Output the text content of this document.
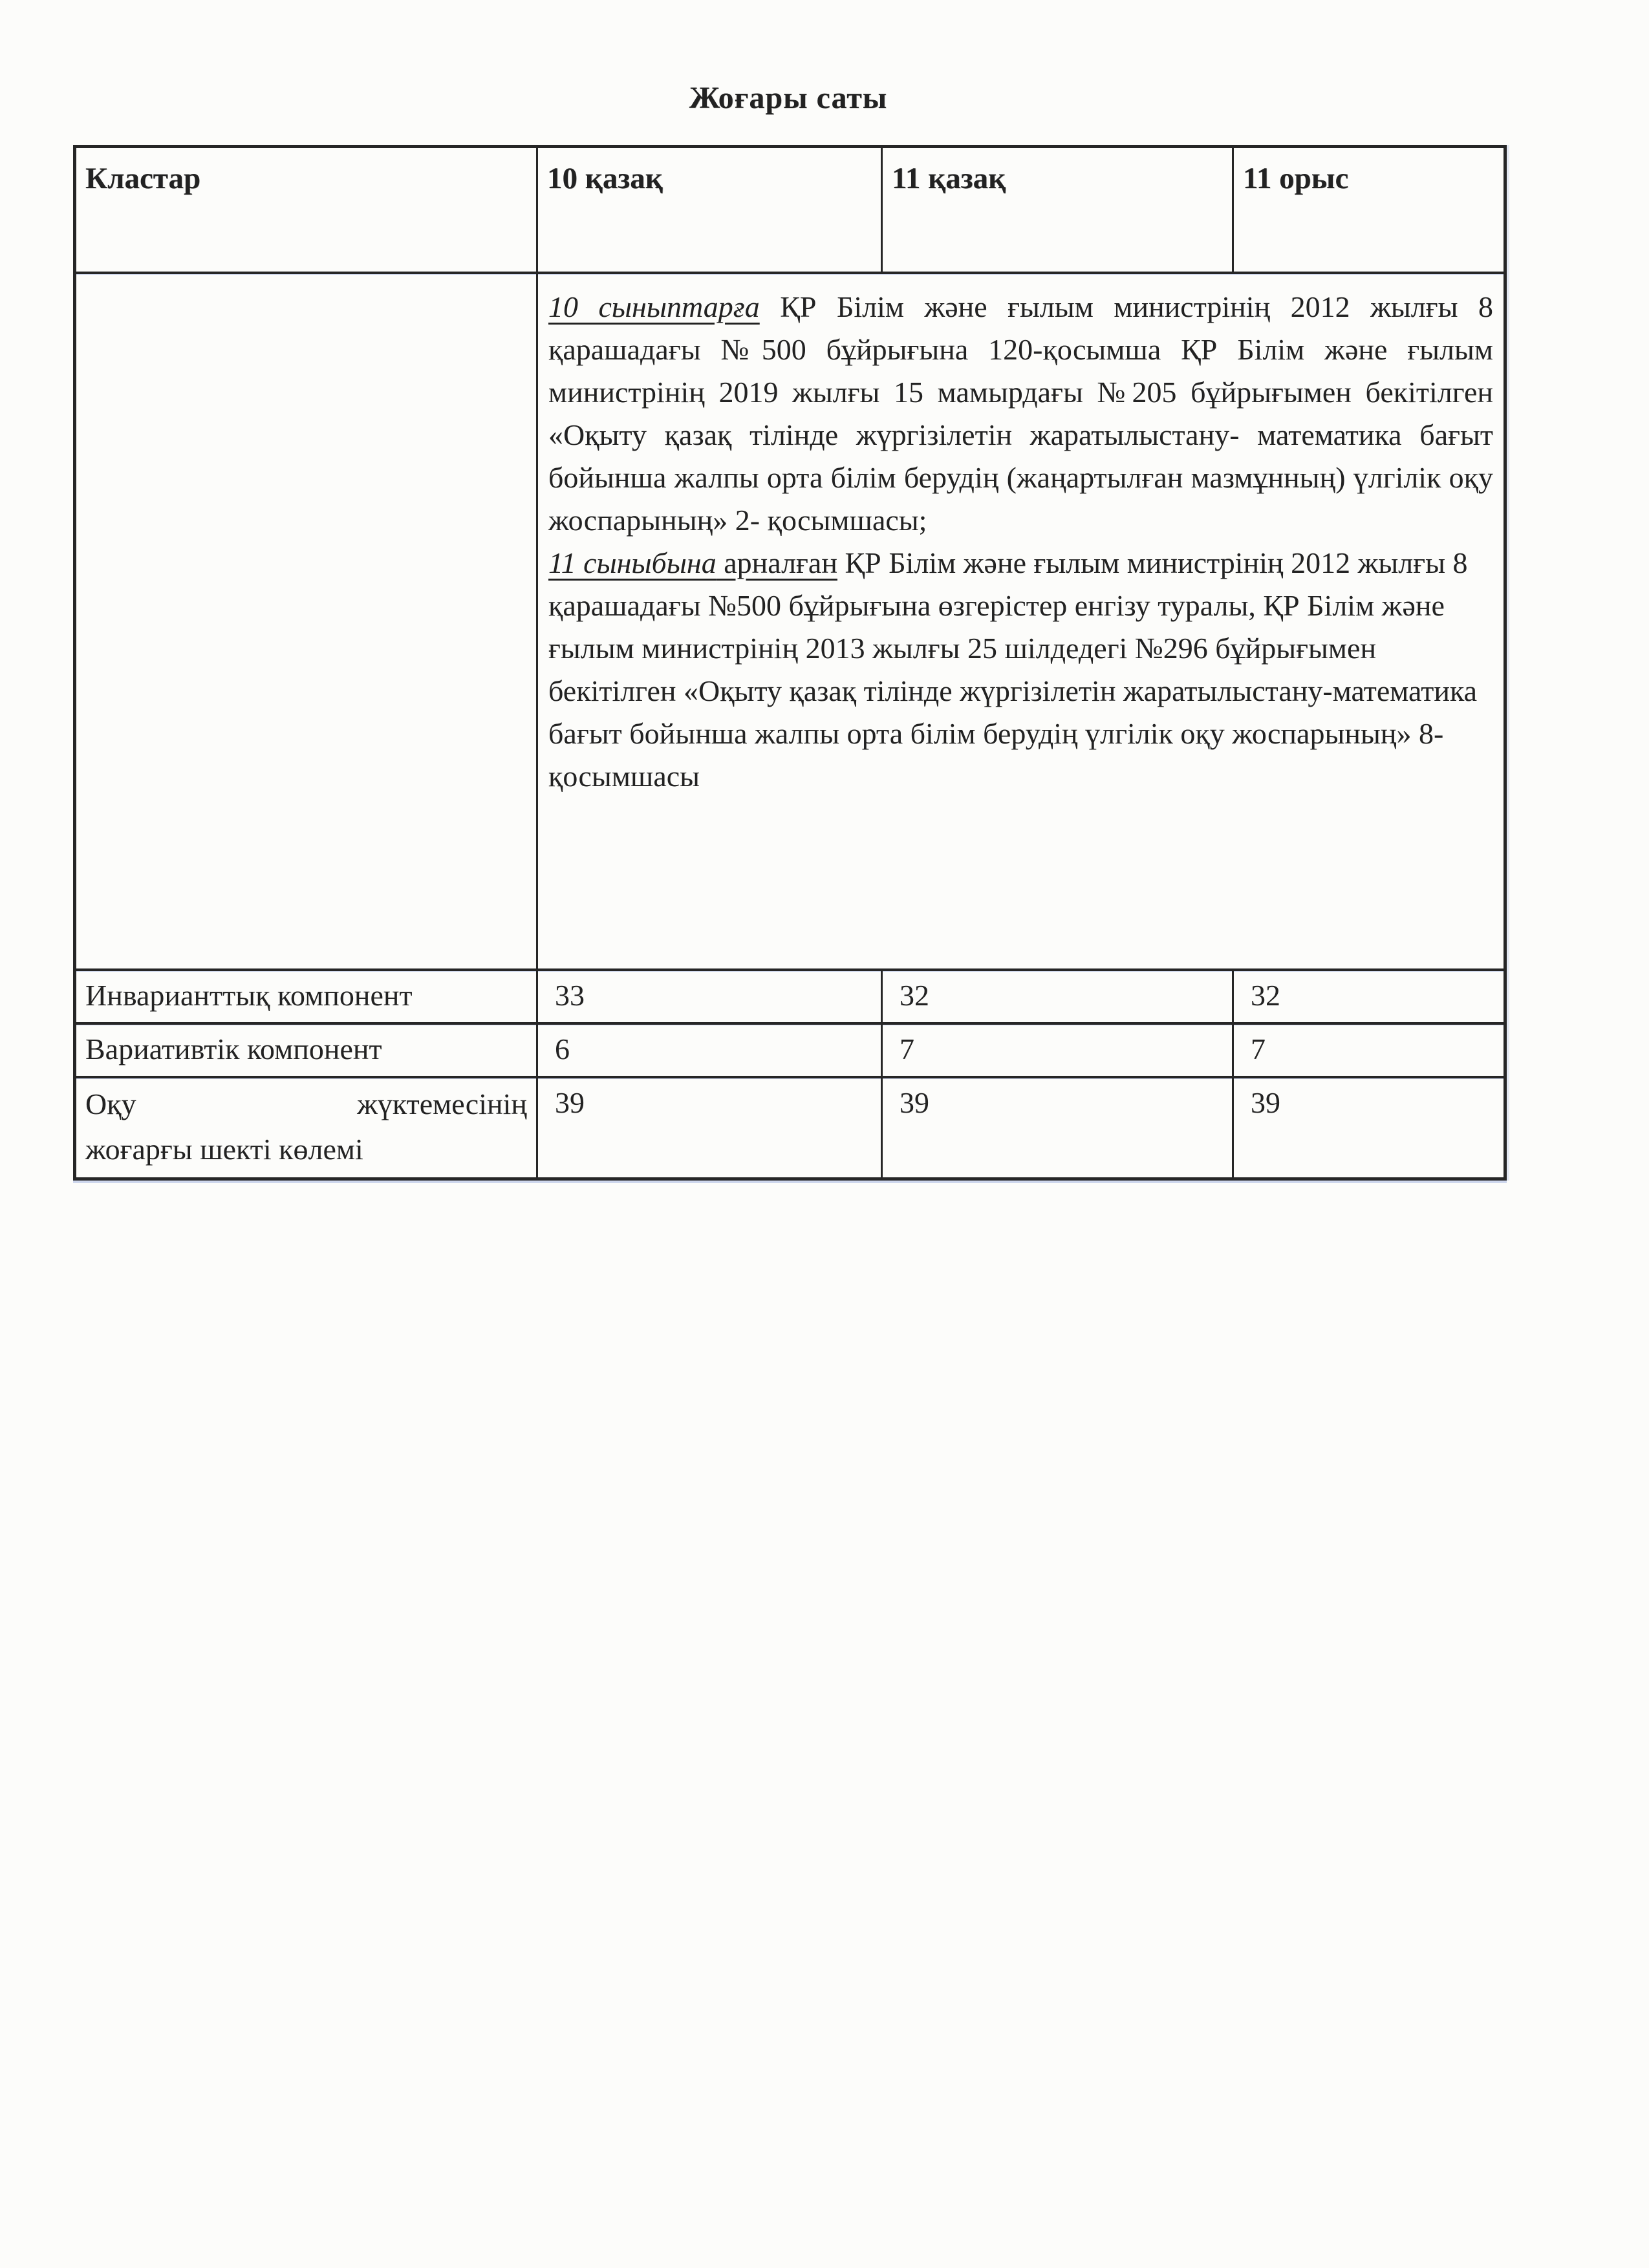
Жоғары саты
Кластар	10 қазақ	11 қазақ	11 орыс

	10 сыныптарға ҚР Білім және ғылым министрінің 2012 жылғы 8 қарашадағы №500 бұйрығына 120-қосымша ҚР Білім және ғылым министрінің 2019 жылғы 15 мамырдағы №205 бұйрығымен бекітілген «Оқыту қазақ тілінде жүргізілетін жаратылыстану- математика бағыт бойынша жалпы орта білім берудің (жаңартылған мазмұнның) үлгілік оқу жоспарының» 2- қосымшасы;

11 сыныбына арналған ҚР Білім және ғылым министрінің 2012 жылғы 8 қарашадағы №500 бұйрығына өзгерістер енгізу туралы, ҚР Білім және ғылым министрінің 2013 жылғы 25 шілдедегі №296 бұйрығымен бекітілген «Оқыту қазақ тілінде жүргізілетін жаратылыстану-математика бағыт бойынша жалпы орта білім берудің үлгілік оқу жоспарының» 8- қосымшасы		

Инварианттық компонент	33	32	32
Вариативтік компонент	6	7	7

Оқу жүктемесінің
жоғарғы шекті көлемі	39	39	39
